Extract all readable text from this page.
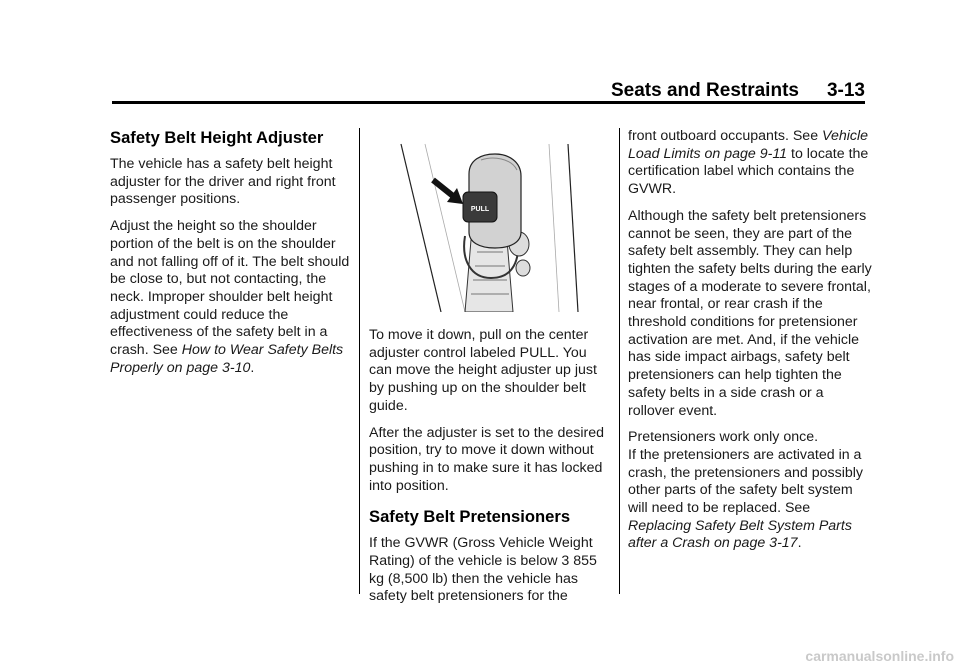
Seats and Restraints 3-13
Safety Belt Height Adjuster

The vehicle has a safety belt height adjuster for the driver and right front passenger positions.

Adjust the height so the shoulder portion of the belt is on the shoulder and not falling off of it. The belt should be close to, but not contacting, the neck. Improper shoulder belt height adjustment could reduce the effectiveness of the safety belt in a crash. See How to Wear Safety Belts Properly on page 3-10.

PULL

To move it down, pull on the center adjuster control labeled PULL. You can move the height adjuster up just by pushing up on the shoulder belt guide.

After the adjuster is set to the desired position, try to move it down without pushing in to make sure it has locked into position.

Safety Belt Pretensioners

If the GVWR (Gross Vehicle Weight Rating) of the vehicle is below 3 855 kg (8,500 lb) then the vehicle has safety belt pretensioners for the

front outboard occupants. See Vehicle Load Limits on page 9-11 to locate the certification label which contains the GVWR.

Although the safety belt pretensioners cannot be seen, they are part of the safety belt assembly. They can help tighten the safety belts during the early stages of a moderate to severe frontal, near frontal, or rear crash if the threshold conditions for pretensioner activation are met. And, if the vehicle has side impact airbags, safety belt pretensioners can help tighten the safety belts in a side crash or a rollover event.

Pretensioners work only once.
If the pretensioners are activated in a crash, the pretensioners and possibly other parts of the safety belt system will need to be replaced. See Replacing Safety Belt System Parts after a Crash on page 3-17.

carmanualsonline.info
